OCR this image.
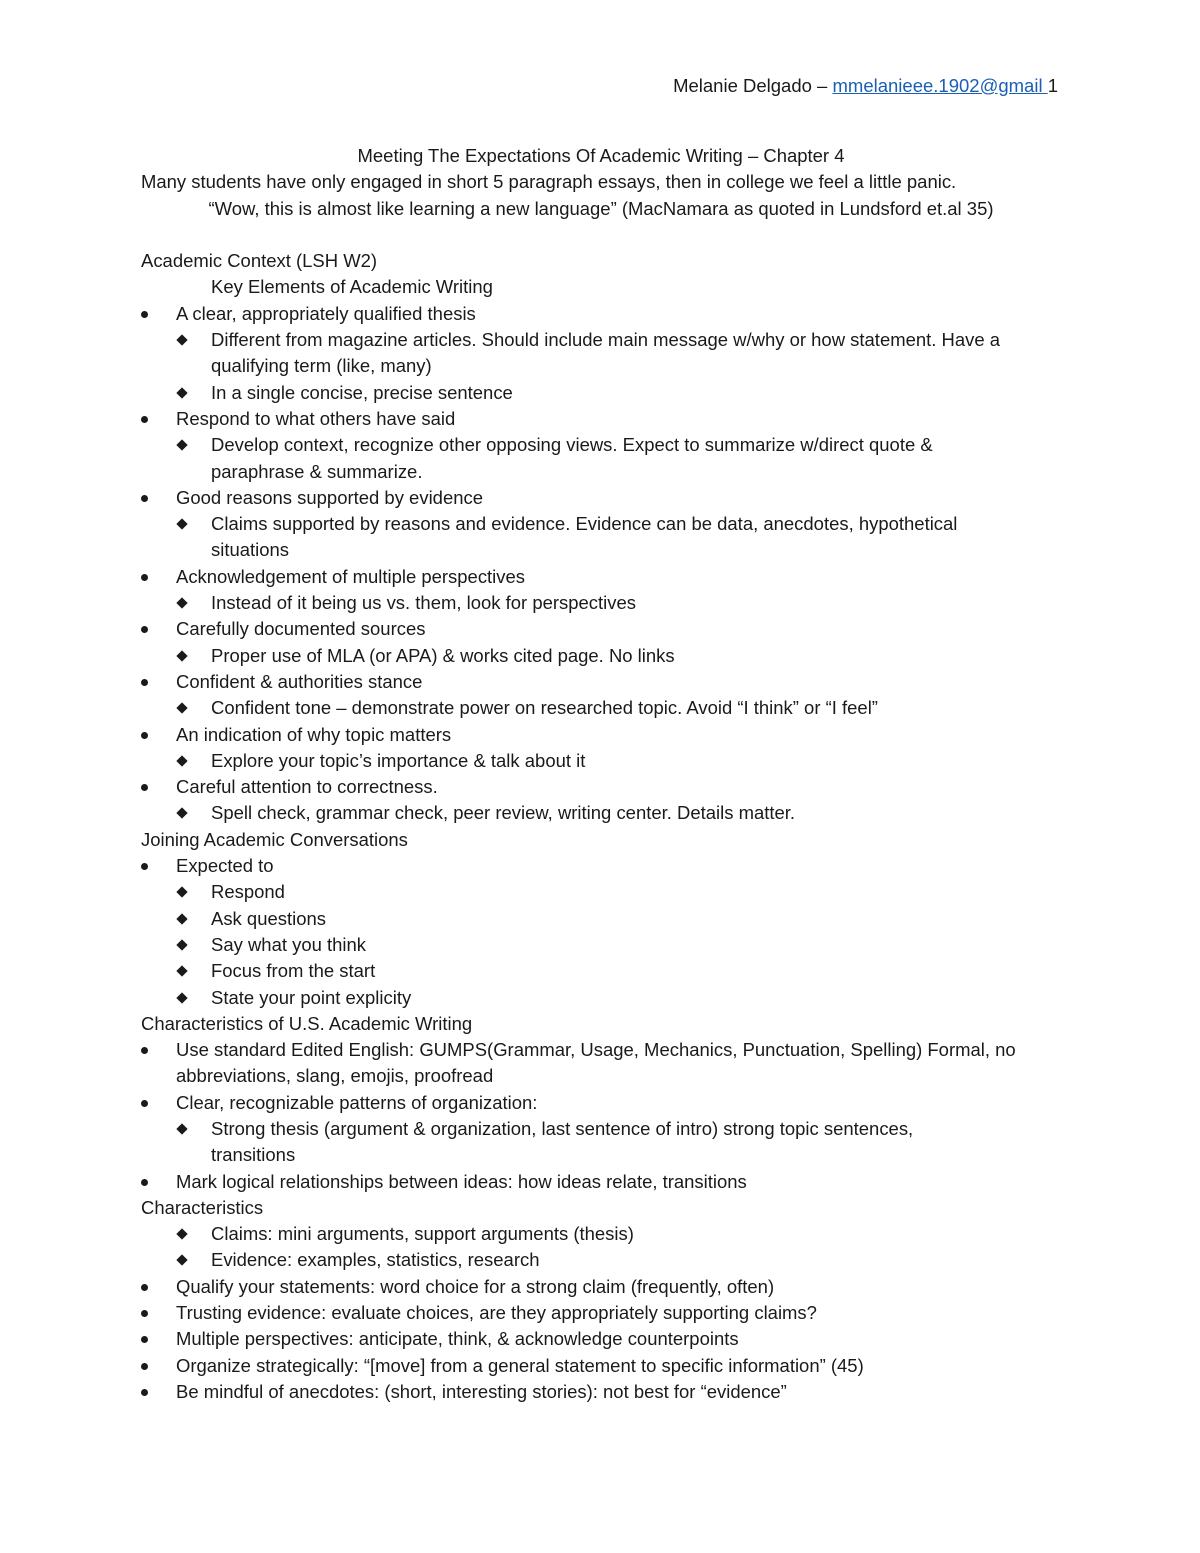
Melanie Delgado – mmelanieee.1902@gmail 1
Meeting The Expectations Of Academic Writing – Chapter 4
Many students have only engaged in short 5 paragraph essays, then in college we feel a little panic.
“Wow, this is almost like learning a new language” (MacNamara as quoted in Lundsford et.al 35)
Academic Context (LSH W2)
Key Elements of Academic Writing
A clear, appropriately qualified thesis
Different from magazine articles. Should include main message w/why or how statement. Have a
qualifying term (like, many)
In a single concise, precise sentence
Respond to what others have said
Develop context, recognize other opposing views. Expect to summarize w/direct quote &
paraphrase & summarize.
Good reasons supported by evidence
Claims supported by reasons and evidence. Evidence can be data, anecdotes, hypothetical
situations
Acknowledgement of multiple perspectives
Instead of it being us vs. them, look for perspectives
Carefully documented sources
Proper use of MLA (or APA) & works cited page. No links
Confident & authorities stance
Confident tone – demonstrate power on researched topic. Avoid “I think” or “I feel”
An indication of why topic matters
Explore your topic’s importance & talk about it
Careful attention to correctness.
Spell check, grammar check, peer review, writing center. Details matter.
Joining Academic Conversations
Expected to
Respond
Ask questions
Say what you think
Focus from the start
State your point explicity
Characteristics of U.S. Academic Writing
Use standard Edited English: GUMPS(Grammar, Usage, Mechanics, Punctuation, Spelling) Formal, no
abbreviations, slang, emojis, proofread
Clear, recognizable patterns of organization:
Strong thesis (argument & organization, last sentence of intro) strong topic sentences,
transitions
Mark logical relationships between ideas: how ideas relate, transitions
Characteristics
Claims: mini arguments, support arguments (thesis)
Evidence: examples, statistics, research
Qualify your statements: word choice for a strong claim (frequently, often)
Trusting evidence: evaluate choices, are they appropriately supporting claims?
Multiple perspectives: anticipate, think, & acknowledge counterpoints
Organize strategically: “[move] from a general statement to specific information” (45)
Be mindful of anecdotes: (short, interesting stories): not best for “evidence”
